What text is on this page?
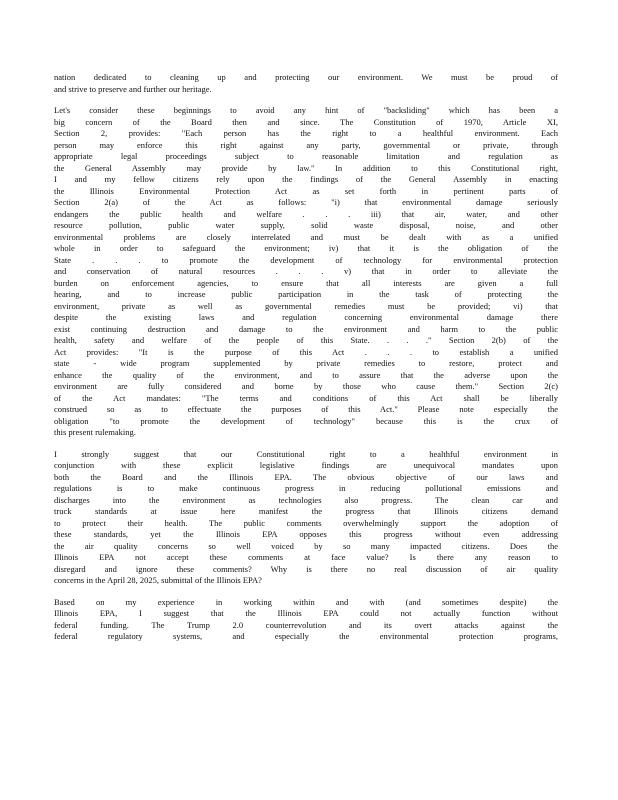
nation dedicated to cleaning up and protecting our environment. We must be proud of
and strive to preserve and further our heritage.
Let's consider these beginnings to avoid any hint of "backsliding" which has been a
big concern of the Board then and since. The Constitution of 1970, Article XI,
Section 2, provides: "Each person has the right to a healthful environment. Each
person may enforce this right against any party, governmental or private, through
appropriate legal proceedings subject to reasonable limitation and regulation as
the General Assembly may provide by law." In addition to this Constitutional right,
I and my fellow citizens rely upon the findings of the General Assembly in enacting
the Illinois Environmental Protection Act as set forth in pertinent parts of
Section 2(a) of the Act as follows: "i) that environmental damage seriously
endangers the public health and welfare . . . iii) that air, water, and other
resource pollution, public water supply, solid waste disposal, noise, and other
environmental problems are closely interrelated and must be dealt with as a unified
whole in order to safeguard the environment; iv) that it is the obligation of the
State . . . to promote the development of technology for environmental protection
and conservation of natural resources . . . v) that in order to alleviate the
burden on enforcement agencies, to ensure that all interests are given a full
hearing, and to increase public participation in the task of protecting the
environment, private as well as governmental remedies must be provided; vi) that
despite the existing laws and regulation concerning environmental damage there
exist continuing destruction and damage to the environment and harm to the public
health, safety and welfare of the people of this State. . . ." Section 2(b) of the
Act provides: "It is the purpose of this Act . . . to establish a unified
state - wide program supplemented by private remedies to restore, protect and
enhance the quality of the environment, and to assure that the adverse upon the
environment are fully considered and borne by those who cause them." Section 2(c)
of the Act mandates: "The terms and conditions of this Act shall be liberally
construed so as to effectuate the purposes of this Act." Please note especially the
obligation "to promote the development of technology" because this is the crux of
this present rulemaking.
I strongly suggest that our Constitutional right to a healthful environment in
conjunction with these explicit legislative findings are unequivocal mandates upon
both the Board and the Illinois EPA. The obvious objective of our laws and
regulations is to make continuous progress in reducing pollutional emissions and
discharges into the environment as technologies also progress. The clean car and
truck standards at issue here manifest the progress that Illinois citizens demand
to protect their health. The public comments overwhelmingly support the adoption of
these standards, yet the Illinois EPA opposes this progress without even addressing
the air quality concerns so well voiced by so many impacted citizens. Does the
Illinois EPA not accept these comments at face value? Is there any reason to
disregard and ignore these comments? Why is there no real discussion of air quality
concerns in the April 28, 2025, submittal of the Illinois EPA?
Based on my experience in working within and with (and sometimes despite) the
Illinois EPA, I suggest that the Illinois EPA could not actually function without
federal funding. The Trump 2.0 counterrevolution and its overt attacks against the
federal regulatory systems, and especially the environmental protection programs,
